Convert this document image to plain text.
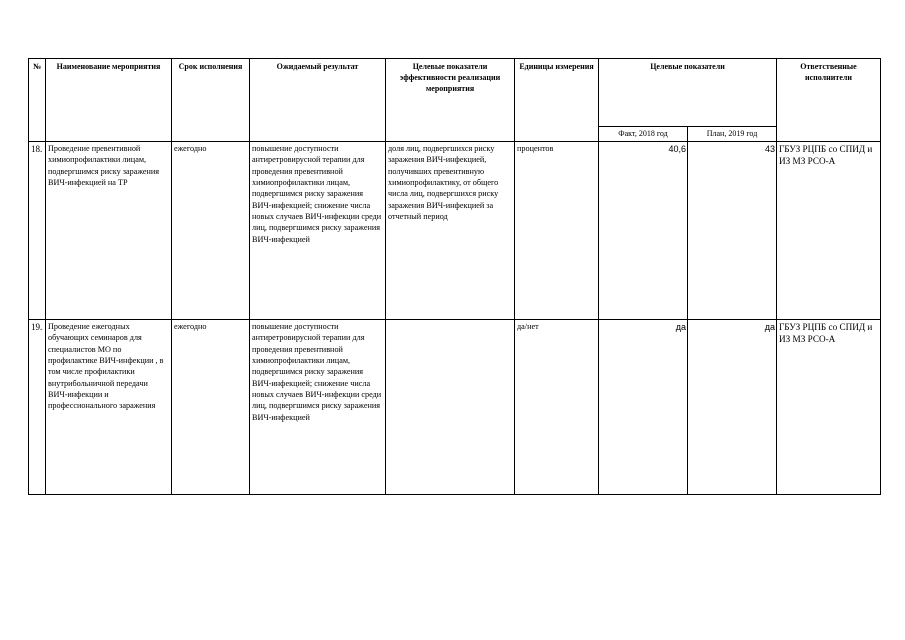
№	Наименование мероприятия	Срок исполнения	Ожидаемый результат	Целевые показатели эффективности реализации мероприятия	Единицы измерения	Целевые показатели		Ответственные исполнители
						Факт, 2018 год	План, 2019 год	
18.	Проведение превентивной химиопрофилактики лицам, подвергшимся риску заражения ВИЧ-инфекцией на ТР	ежегодно	повышение доступности антиретровирусной терапии для проведения превентивной химиопрофилактики лицам, подвергшимся риску заражения ВИЧ-инфекцией; снижение числа новых случаев ВИЧ-инфекции среди лиц, подвергшимся риску заражения ВИЧ-инфекцией	доля лиц, подвергшихся риску заражения ВИЧ-инфекцией, получивших превентивную химиопрофилактику, от общего числа лиц, подвергшихся риску заражения ВИЧ-инфекцией за отчетный период	процентов	40,6	43	ГБУЗ РЦПБ со СПИД и ИЗ МЗ РСО-А
19.	Проведение ежегодных обучающих семинаров для специалистов МО по профилактике ВИЧ-инфекции , в том числе профилактики внутрибольничной передачи ВИЧ-инфекции и профессионального заражения	ежегодно	повышение доступности антиретровирусной терапии для проведения превентивной химиопрофилактики лицам, подвергшимся риску заражения ВИЧ-инфекцией; снижение числа новых случаев ВИЧ-инфекции среди лиц, подвергшимся риску заражения ВИЧ-инфекцией		да/нет	да	да	ГБУЗ РЦПБ со СПИД и ИЗ МЗ РСО-А
